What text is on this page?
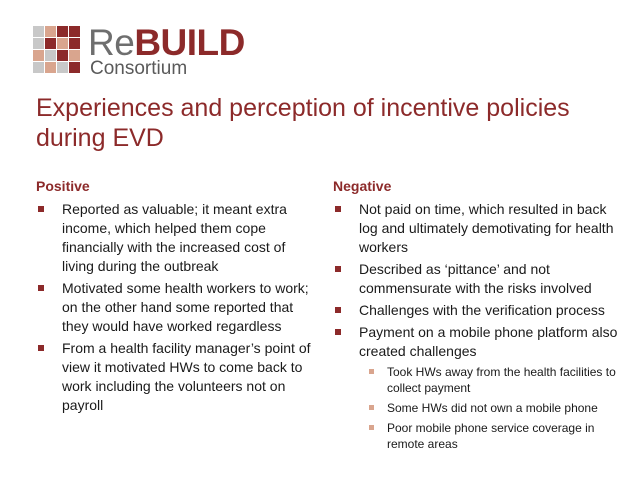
ReBUILD
Consortium
Experiences and perception of incentive policies during EVD
Positive
Reported as valuable; it meant extra income, which helped them cope financially with the increased cost of living during the outbreak
Motivated some health workers to work; on the other hand some reported that they would have worked regardless
From a health facility manager’s point of view it motivated HWs to come back to work including the volunteers not on payroll
Negative
Not paid on time, which resulted in back log and ultimately demotivating for health workers
Described as ‘pittance’ and not commensurate with the risks involved
Challenges with the verification process
Payment on a mobile phone platform also created challenges
Took HWs away from the health facilities to collect payment
Some HWs did not own a mobile phone
Poor mobile phone service coverage in remote areas
